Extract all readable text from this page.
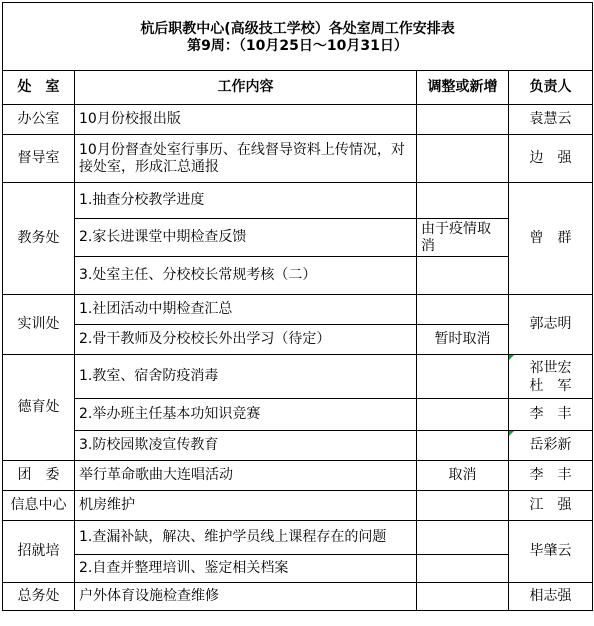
杭后职教中心(高级技工学校）各处室周工作安排表
第9周：（10月25日～10月31日）			

处　室	工作内容	调整或新增	负责人
办公室	10月份校报出版		袁慧云
督导室	10月份督查处室行事历、在线督导资料上传情况，对接处室，形成汇总通报		边　强
教务处	1.抽查分校教学进度		曾　群
	2.家长进课堂中期检查反馈	由于疫情取消	
	3.处室主任、分校校长常规考核（二）		
实训处	1.社团活动中期检查汇总		郭志明
	2.骨干教师及分校校长外出学习（待定）	暂时取消	
德育处	1.教室、宿舍防疫消毒		祁世宏
杜　军
	2.举办班主任基本功知识竞赛		李　丰
	3.防校园欺凌宣传教育		岳彩新
团　委	举行革命歌曲大连唱活动	取消	李　丰
信息中心	机房维护		江　强
招就培	1.查漏补缺，解决、维护学员线上课程存在的问题		毕肇云
	2.自查并整理培训、鉴定相关档案		
总务处	户外体育设施检查维修		相志强
